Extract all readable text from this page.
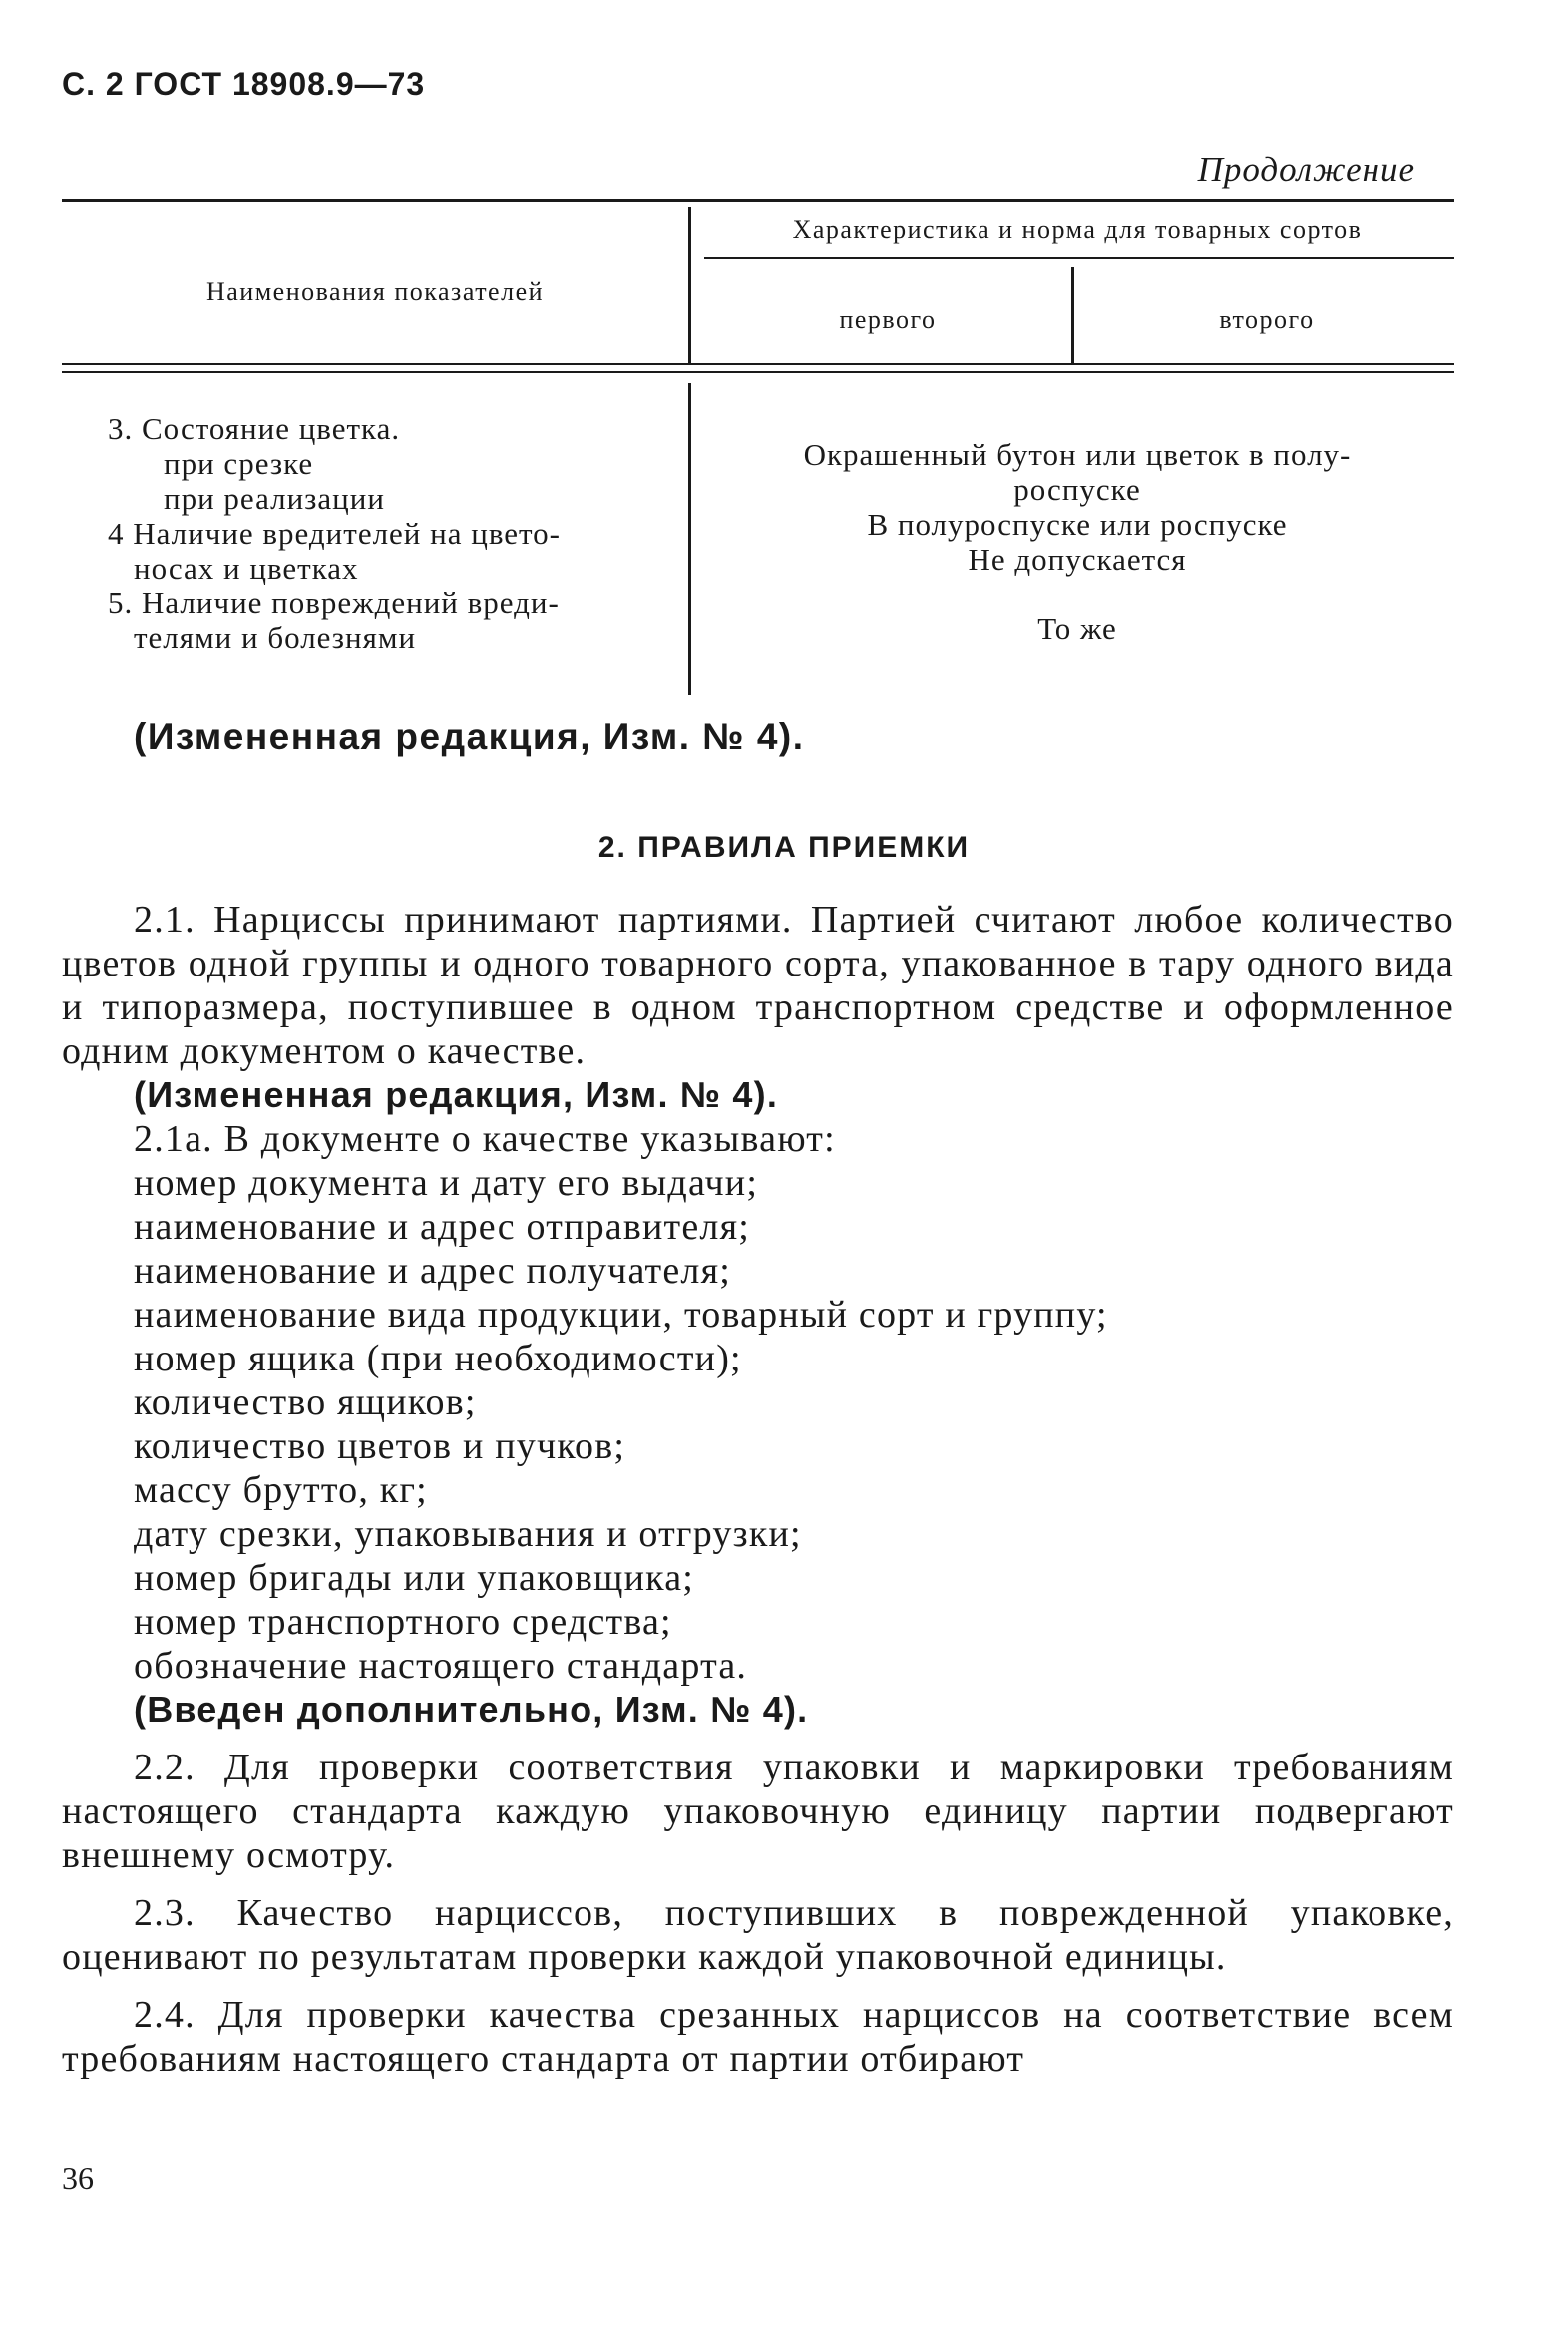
С. 2 ГОСТ 18908.9—73
Продолжение
Наименования показателей
Характеристика и норма для товарных сортов
первого	второго
3. Состояние цветка.
при срезке
при реализации
4 Наличие вредителей на цвето-
носах и цветках
5. Наличие повреждений вреди-
телями и болезнями
Окрашенный бутон или цветок в полу-
роспуске
В полуроспуске или роспуске
Не допускается
То же
(Измененная редакция, Изм. № 4).
2. ПРАВИЛА ПРИЕМКИ

2.1. Нарциссы принимают партиями. Партией считают любое количество цветов одной группы и одного товарного сорта, упакованное в тару одного вида и типоразмера, поступившее в одном транспортном средстве и оформленное одним документом о качестве.

(Измененная редакция, Изм. № 4).

2.1а. В документе о качестве указывают:

номер документа и дату его выдачи;
наименование и адрес отправителя;
наименование и адрес получателя;
наименование вида продукции, товарный сорт и группу;
номер ящика (при необходимости);
количество ящиков;
количество цветов и пучков;
массу брутто, кг;
дату срезки, упаковывания и отгрузки;
номер бригады или упаковщика;
номер транспортного средства;
обозначение настоящего стандарта.

(Введен дополнительно, Изм. № 4).

2.2. Для проверки соответствия упаковки и маркировки требованиям настоящего стандарта каждую упаковочную единицу партии подвергают внешнему осмотру.

2.3. Качество нарциссов, поступивших в поврежденной упаковке, оценивают по результатам проверки каждой упаковочной единицы.

2.4. Для проверки качества срезанных нарциссов на соответствие всем требованиям настоящего стандарта от партии отбирают

36
